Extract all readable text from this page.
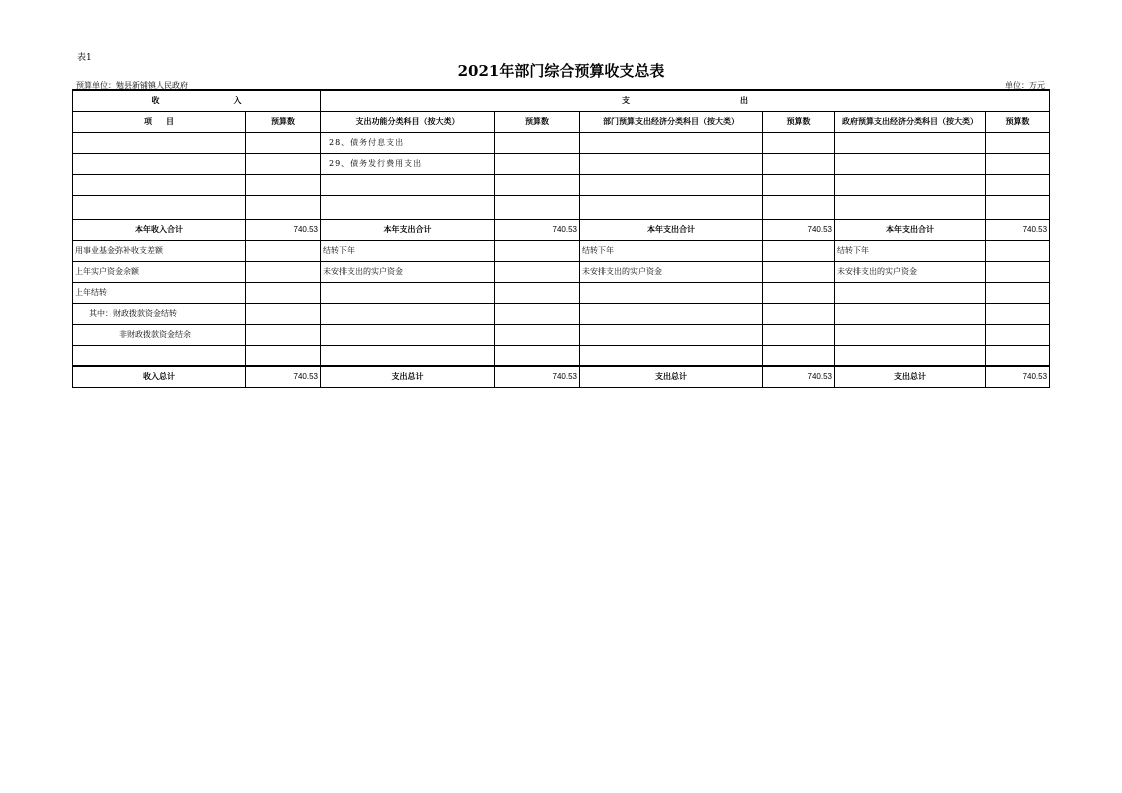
表1
2021年部门综合预算收支总表
预算单位：勉县新铺镇人民政府	单位：万元
收 入		支 出					
项 目	预算数	支出功能分类科目（按大类）	预算数	部门预算支出经济分类科目（按大类）	预算数	政府预算支出经济分类科目（按大类）	预算数
		28、债务付息支出					
		29、债务发行费用支出					

本年收入合计	740.53	本年支出合计	740.53	本年支出合计	740.53	本年支出合计	740.53
用事业基金弥补收支差额		结转下年		结转下年		结转下年	
上年实户资金余额		未安排支出的实户资金		未安排支出的实户资金		未安排支出的实户资金	
上年结转							
其中：财政拨款资金结转							
非财政拨款资金结余							

收入总计	740.53	支出总计	740.53	支出总计	740.53	支出总计	740.53
